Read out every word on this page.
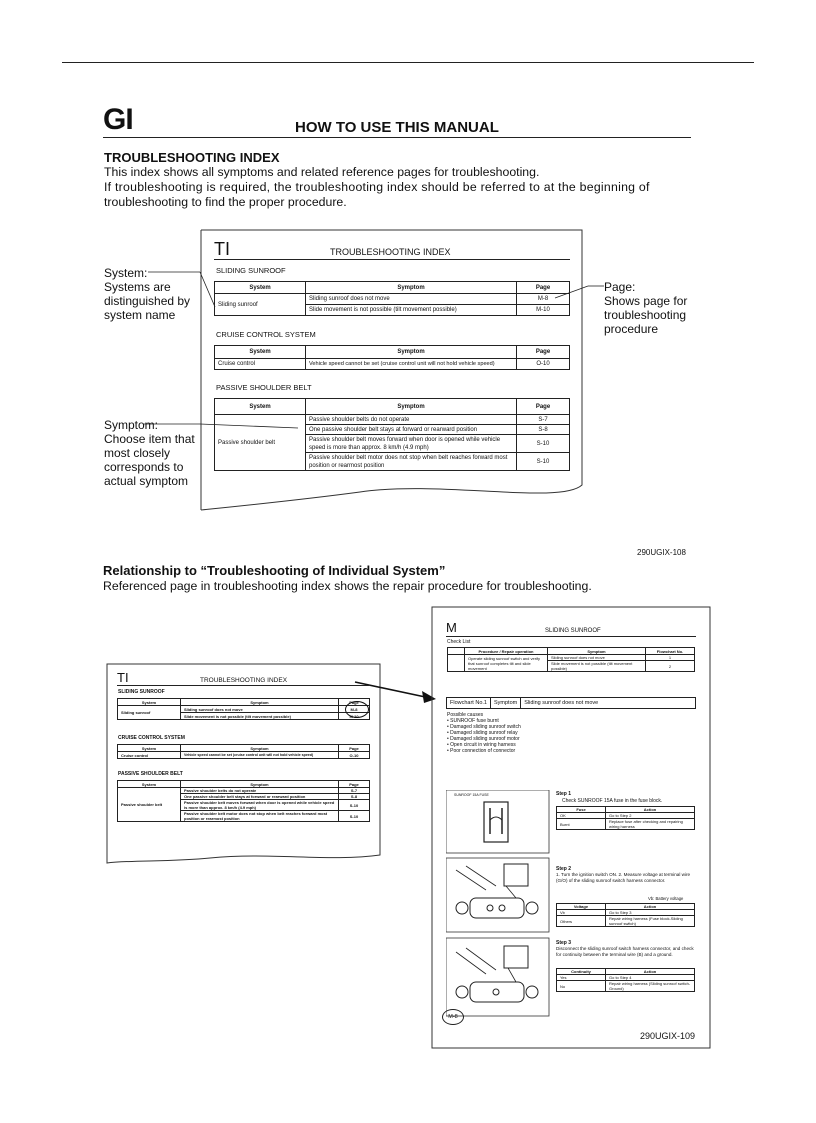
GI	HOW TO USE THIS MANUAL
TROUBLESHOOTING INDEX
This index shows all symptoms and related reference pages for troubleshooting.
If troubleshooting is required, the troubleshooting index should be referred to at the beginning of
troubleshooting to find the proper procedure.
TI	TROUBLESHOOTING INDEX
SLIDING SUNROOF
System	Symptom	Page
Sliding sunroof	Sliding sunroof does not move	M-8
	Slide movement is not possible (tilt movement possible)	M-10
CRUISE CONTROL SYSTEM
System	Symptom	Page
Cruise control	Vehicle speed cannot be set (cruise control unit will not hold vehicle speed)	O-10
PASSIVE SHOULDER BELT
System	Symptom	Page
Passive shoulder belt	Passive shoulder belts do not operate	S-7
	One passive shoulder belt stays at forward or rearward position	S-8
	Passive shoulder belt moves forward when door is opened while vehicle speed is more than approx. 8 km/h (4.9 mph)	S-10
	Passive shoulder belt motor does not stop when belt reaches forward most position or rearmost position	S-10
System:
Systems are
distinguished by
system name
Symptom:
Choose item that
most closely
corresponds to
actual symptom
Page:
Shows page for
troubleshooting
procedure
290UGIX-108
Relationship to “Troubleshooting of Individual System”
Referenced page in troubleshooting index shows the repair procedure for troubleshooting.
TI	TROUBLESHOOTING INDEX
SLIDING SUNROOF
System	Symptom	Page
Sliding sunroof	Sliding sunroof does not move	M-8
	Slide movement is not possible (tilt movement possible)	M-10
CRUISE CONTROL SYSTEM
System	Symptom	Page
Cruise control	Vehicle speed cannot be set (cruise control unit will not hold vehicle speed)	O-10
PASSIVE SHOULDER BELT
System	Symptom	Page
Passive shoulder belt	Passive shoulder belts do not operate	S-7
	One passive shoulder belt stays at forward or rearward position	S-8
	Passive shoulder belt moves forward when door is opened while vehicle speed is more than approx. 8 km/h (4.9 mph)	S-10
	Passive shoulder belt motor does not stop when belt reaches forward most position or rearmost position	S-10
M	SLIDING SUNROOF
Check List
	Procedure / Repair operation	Symptom	Flowchart No.
	Operate sliding sunroof switch and verify that sunroof completes tilt and slide movement	Sliding sunroof does not move	1
		Slide movement is not possible (tilt movement possible)	2
Flowchart No.1	Symptom	Sliding sunroof does not move
Possible causes
• SUNROOF fuse burnt
• Damaged sliding sunroof switch
• Damaged sliding sunroof relay
• Damaged sliding sunroof motor
• Open circuit in wiring harness
• Poor connection of connector
SUNROOF 15A FUSE
M-8
Step 1
Check SUNROOF 15A fuse in the fuse block.
Fuse	Action
OK	Go to Step 2
Burnt	Replace fuse after checking and repairing wiring harness
Step 2
1. Turn the ignition switch ON. 2. Measure voltage at terminal wire (G/O) of the sliding sunroof switch harness connector.
Vb: Battery voltage
Voltage	Action
Vb	Go to Step 3
Others	Repair wiring harness (Fuse block-Sliding sunroof switch)
Step 3
Disconnect the sliding sunroof switch harness connector, and check for continuity between the terminal wire (B) and a ground.
Continuity	Action
Yes	Go to Step 4
No	Repair wiring harness (Sliding sunroof switch-Ground)
290UGIX-109
